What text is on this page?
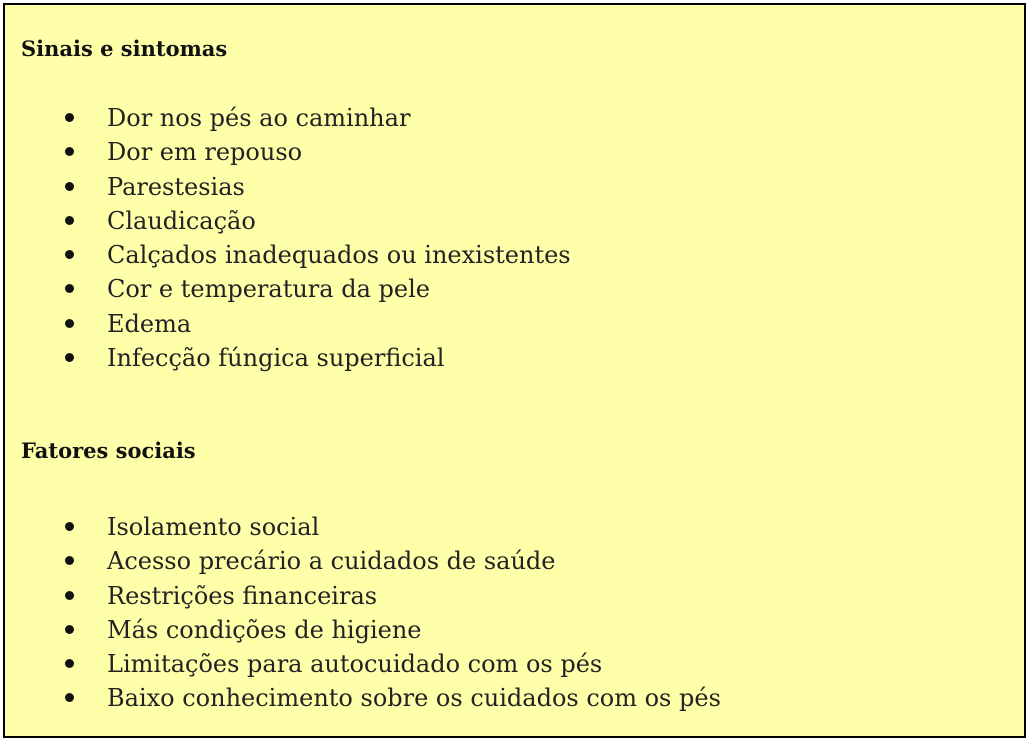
Sinais e sintomas
Dor nos pés ao caminhar
Dor em repouso
Parestesias
Claudicação
Calçados inadequados ou inexistentes
Cor e temperatura da pele
Edema
Infecção fúngica superficial
Fatores sociais
Isolamento social
Acesso precário a cuidados de saúde
Restrições financeiras
Más condições de higiene
Limitações para autocuidado com os pés
Baixo conhecimento sobre os cuidados com os pés
